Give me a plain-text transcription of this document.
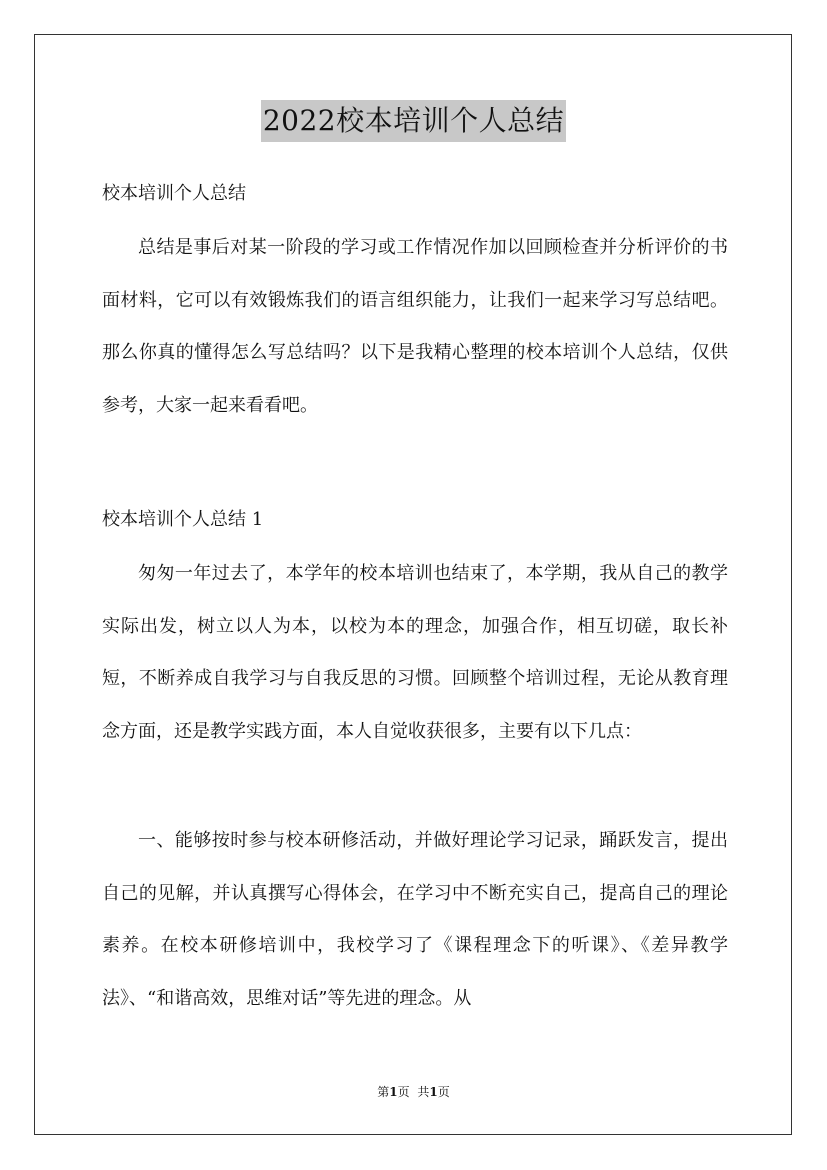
2022校本培训个人总结
校本培训个人总结
总结是事后对某一阶段的学习或工作情况作加以回顾检查并分析评价的书面材料，它可以有效锻炼我们的语言组织能力，让我们一起来学习写总结吧。那么你真的懂得怎么写总结吗？以下是我精心整理的校本培训个人总结，仅供参考，大家一起来看看吧。
校本培训个人总结 1
匆匆一年过去了，本学年的校本培训也结束了，本学期，我从自己的教学实际出发，树立以人为本，以校为本的理念，加强合作，相互切磋，取长补短，不断养成自我学习与自我反思的习惯。回顾整个培训过程，无论从教育理念方面，还是教学实践方面，本人自觉收获很多，主要有以下几点：
一、能够按时参与校本研修活动，并做好理论学习记录，踊跃发言，提出自己的见解，并认真撰写心得体会，在学习中不断充实自己，提高自己的理论素养。在校本研修培训中，我校学习了《课程理念下的听课》、《差异教学法》、“和谐高效，思维对话”等先进的理念。从
第1页 共1页
